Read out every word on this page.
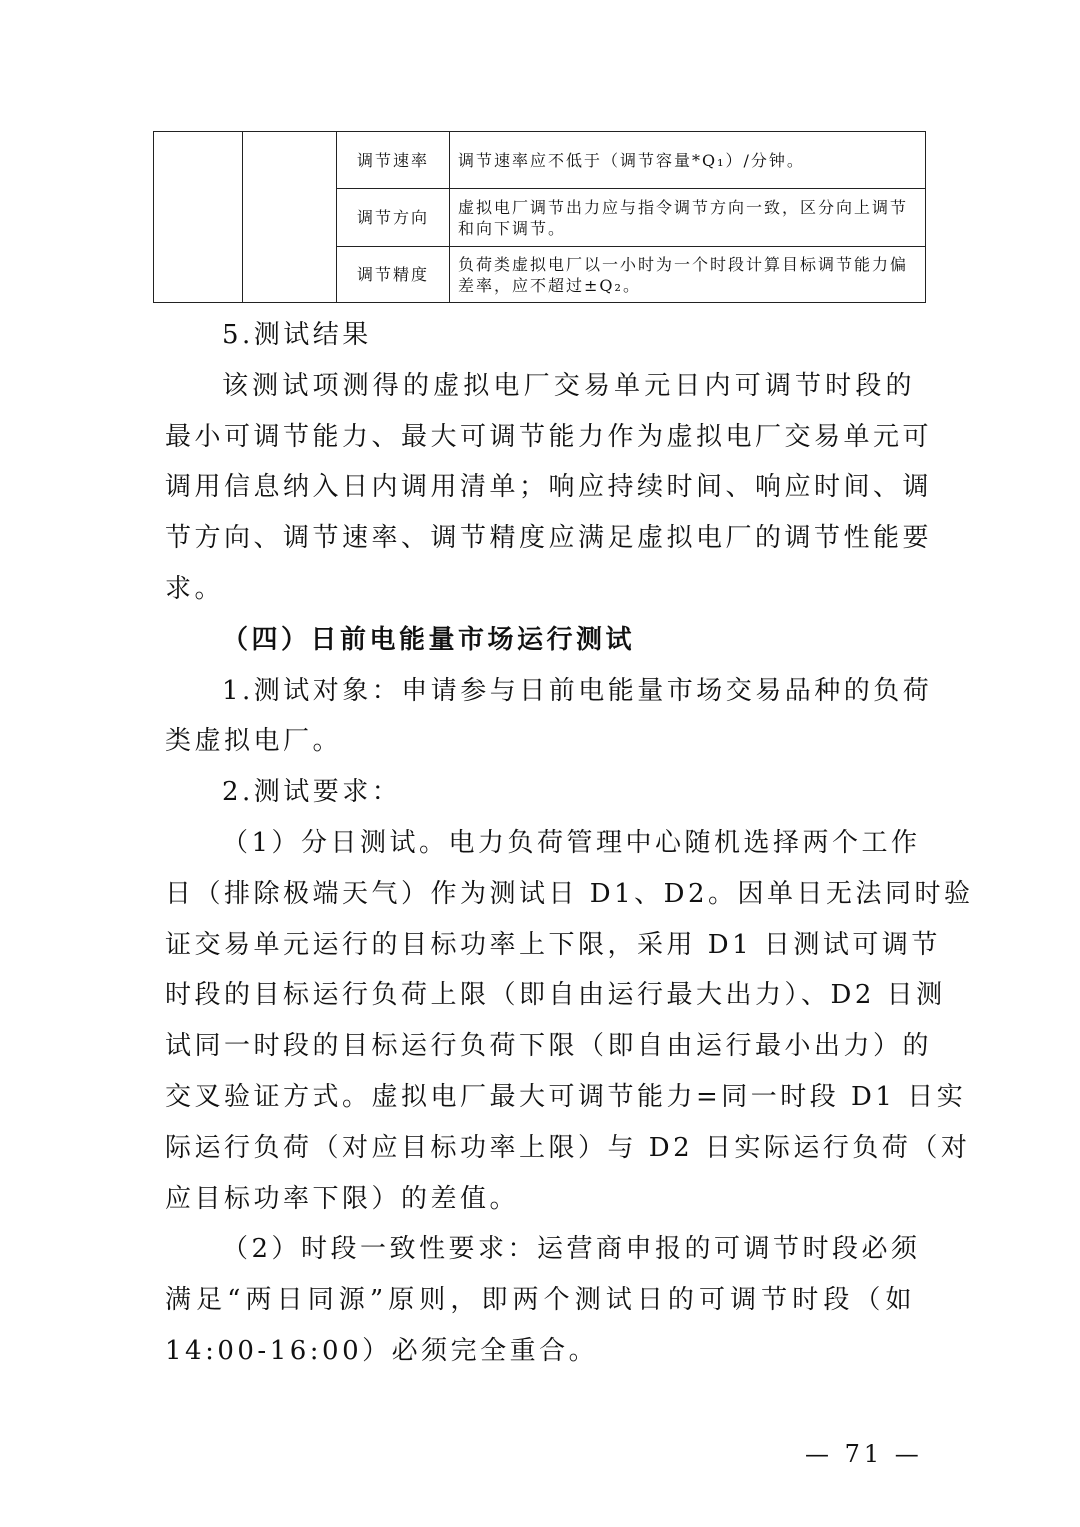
		调节速率	调节速率应不低于（调节容量*Q₁）/分钟。
		调节方向	虚拟电厂调节出力应与指令调节方向一致，区分向上调节和向下调节。
		调节精度	负荷类虚拟电厂以一小时为一个时段计算目标调节能力偏差率，应不超过±Q₂。
5.测试结果
该测试项测得的虚拟电厂交易单元日内可调节时段的
最小可调节能力、最大可调节能力作为虚拟电厂交易单元可
调用信息纳入日内调用清单；响应持续时间、响应时间、调
节方向、调节速率、调节精度应满足虚拟电厂的调节性能要
求。
（四）日前电能量市场运行测试
1.测试对象：申请参与日前电能量市场交易品种的负荷
类虚拟电厂。
2.测试要求：
（1）分日测试。电力负荷管理中心随机选择两个工作
日（排除极端天气）作为测试日 D1、D2。因单日无法同时验
证交易单元运行的目标功率上下限，采用 D1 日测试可调节
时段的目标运行负荷上限（即自由运行最大出力）、D2 日测
试同一时段的目标运行负荷下限（即自由运行最小出力）的
交叉验证方式。虚拟电厂最大可调节能力=同一时段 D1 日实
际运行负荷（对应目标功率上限）与 D2 日实际运行负荷（对
应目标功率下限）的差值。
（2）时段一致性要求：运营商申报的可调节时段必须
满足“两日同源”原则，即两个测试日的可调节时段（如
14:00-16:00）必须完全重合。
— 71 —
